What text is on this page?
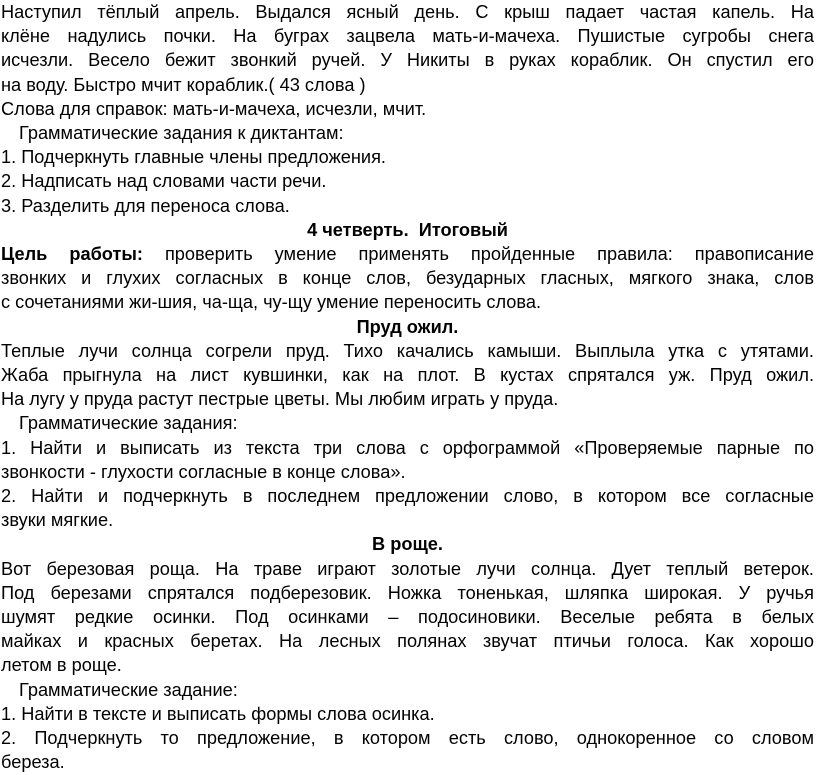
Наступил тёплый апрель. Выдался ясный день. С крыш падает частая капель. На

клёне надулись почки. На буграх зацвела мать-и-мачеха. Пушистые сугробы снега

исчезли. Весело бежит звонкий ручей. У Никиты в руках кораблик. Он спустил его

на воду. Быстро мчит кораблик.( 43 слова )

Слова для справок: мать-и-мачеха, исчезли, мчит.

Грамматические задания к диктантам:

1. Подчеркнуть главные члены предложения.

2. Надписать над словами части речи.

3. Разделить для переноса слова.

4 четверть.  Итоговый

Цель работы: проверить умение применять пройденные правила: правописание

звонких и глухих согласных в конце слов, безударных гласных, мягкого знака, слов

с сочетаниями жи-шия, ча-ща, чу-щу умение переносить слова.

Пруд ожил.

Теплые лучи солнца согрели пруд. Тихо качались камыши. Выплыла утка с утятами.

Жаба прыгнула на лист кувшинки, как на плот. В кустах спрятался уж. Пруд ожил.

На лугу у пруда растут пестрые цветы. Мы любим играть у пруда.

Грамматические задания:

1. Найти и выписать из текста три слова с орфограммой «Проверяемые парные по

звонкости - глухости согласные в конце слова».

2. Найти и подчеркнуть в последнем предложении слово, в котором все согласные

звуки мягкие.

В роще.

Вот березовая роща. На траве играют золотые лучи солнца. Дует теплый ветерок.

Под березами спрятался подберезовик. Ножка тоненькая, шляпка широкая. У ручья

шумят редкие осинки. Под осинками – подосиновики. Веселые ребята в белых

майках и красных беретах. На лесных полянах звучат птичьи голоса. Как хорошо

летом в роще.

Грамматические задание:

1. Найти в тексте и выписать формы слова осинка.

2. Подчеркнуть то предложение, в котором есть слово, однокоренное со словом

береза.
